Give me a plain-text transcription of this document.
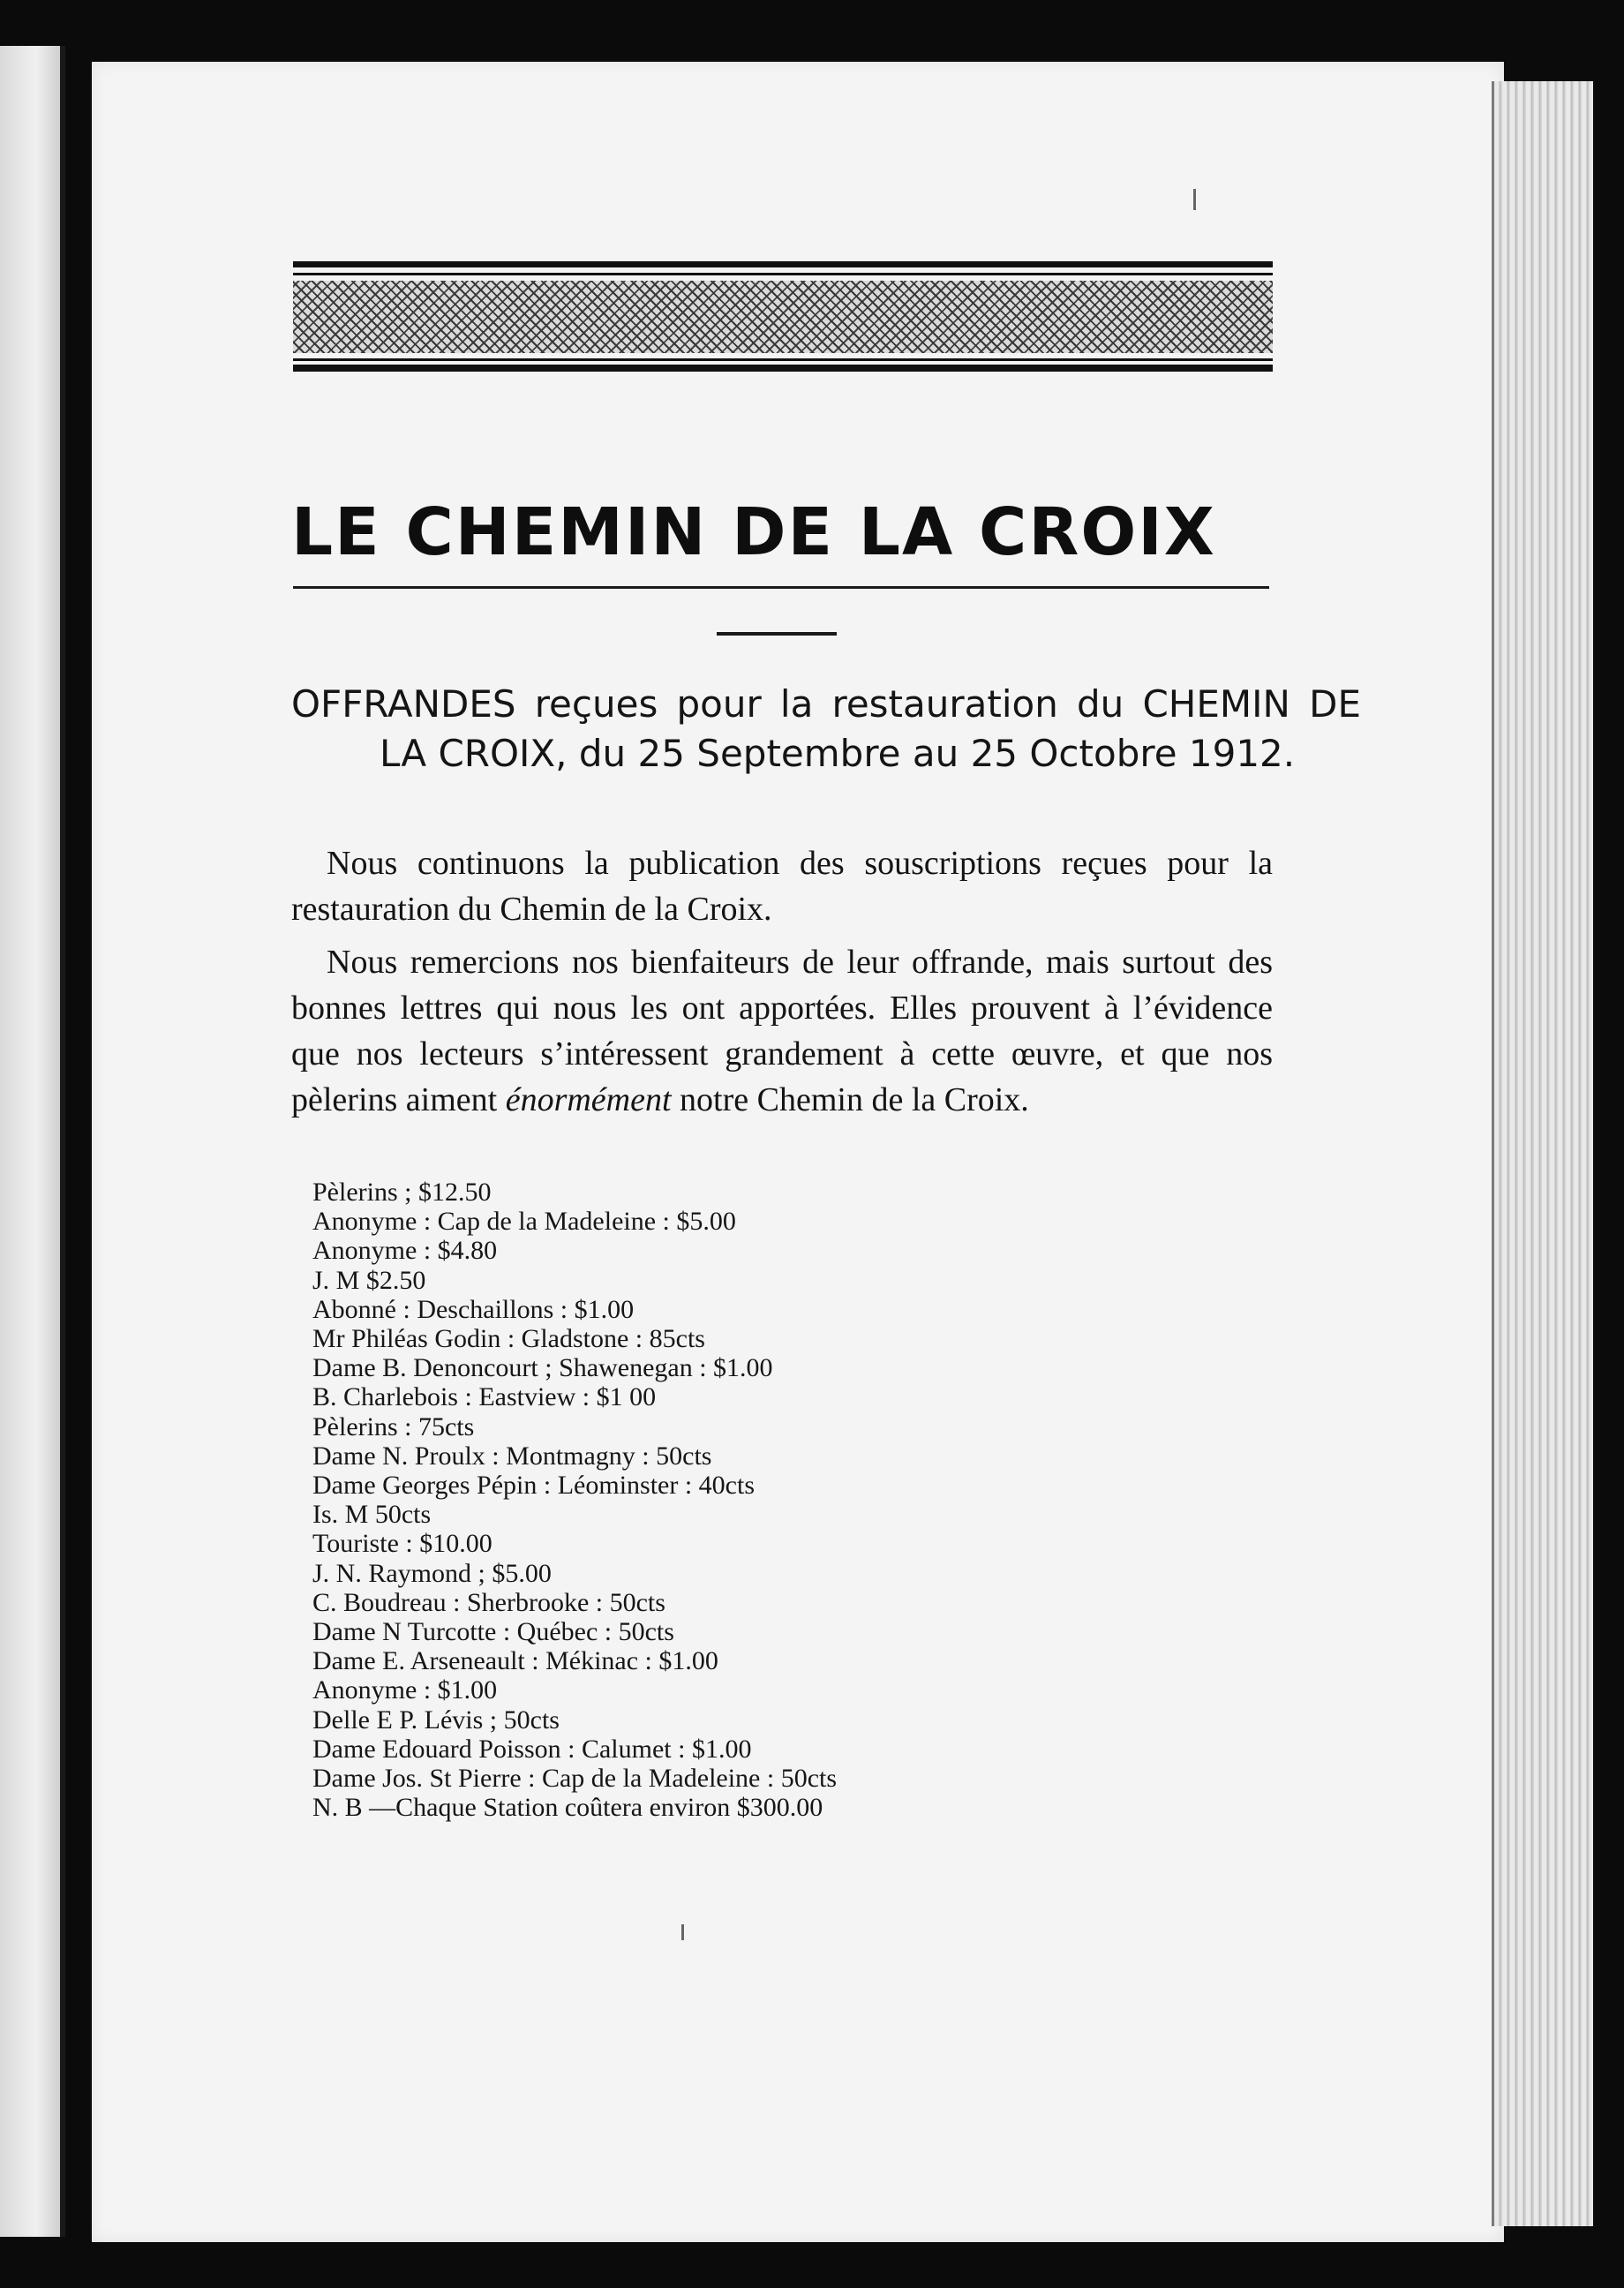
LE CHEMIN DE LA CROIX

OFFRANDES reçues pour la restauration du CHEMIN DE LA CROIX, du 25 Septembre au 25 Octobre 1912.

Nous continuons la publication des souscriptions reçues pour la restauration du Chemin de la Croix.

Nous remercions nos bienfaiteurs de leur offrande, mais surtout des bonnes lettres qui nous les ont apportées. Elles prouvent à l’évidence que nos lecteurs s’intéressent grandement à cette œuvre, et que nos pèlerins aiment énormément notre Chemin de la Croix.

Pèlerins ; $12.50
Anonyme : Cap de la Madeleine : $5.00
Anonyme : $4.80
J. M $2.50
Abonné : Deschaillons : $1.00
Mr Philéas Godin : Gladstone : 85cts
Dame B. Denoncourt ; Shawenegan : $1.00
B. Charlebois : Eastview : $1 00
Pèlerins : 75cts
Dame N. Proulx : Montmagny : 50cts
Dame Georges Pépin : Léominster : 40cts
Is. M 50cts
Touriste : $10.00
J. N. Raymond ; $5.00
C. Boudreau : Sherbrooke : 50cts
Dame N Turcotte : Québec : 50cts
Dame E. Arseneault : Mékinac : $1.00
Anonyme : $1.00
Delle E P. Lévis ; 50cts
Dame Edouard Poisson : Calumet : $1.00
Dame Jos. St Pierre : Cap de la Madeleine : 50cts
N. B —Chaque Station coûtera environ $300.00
